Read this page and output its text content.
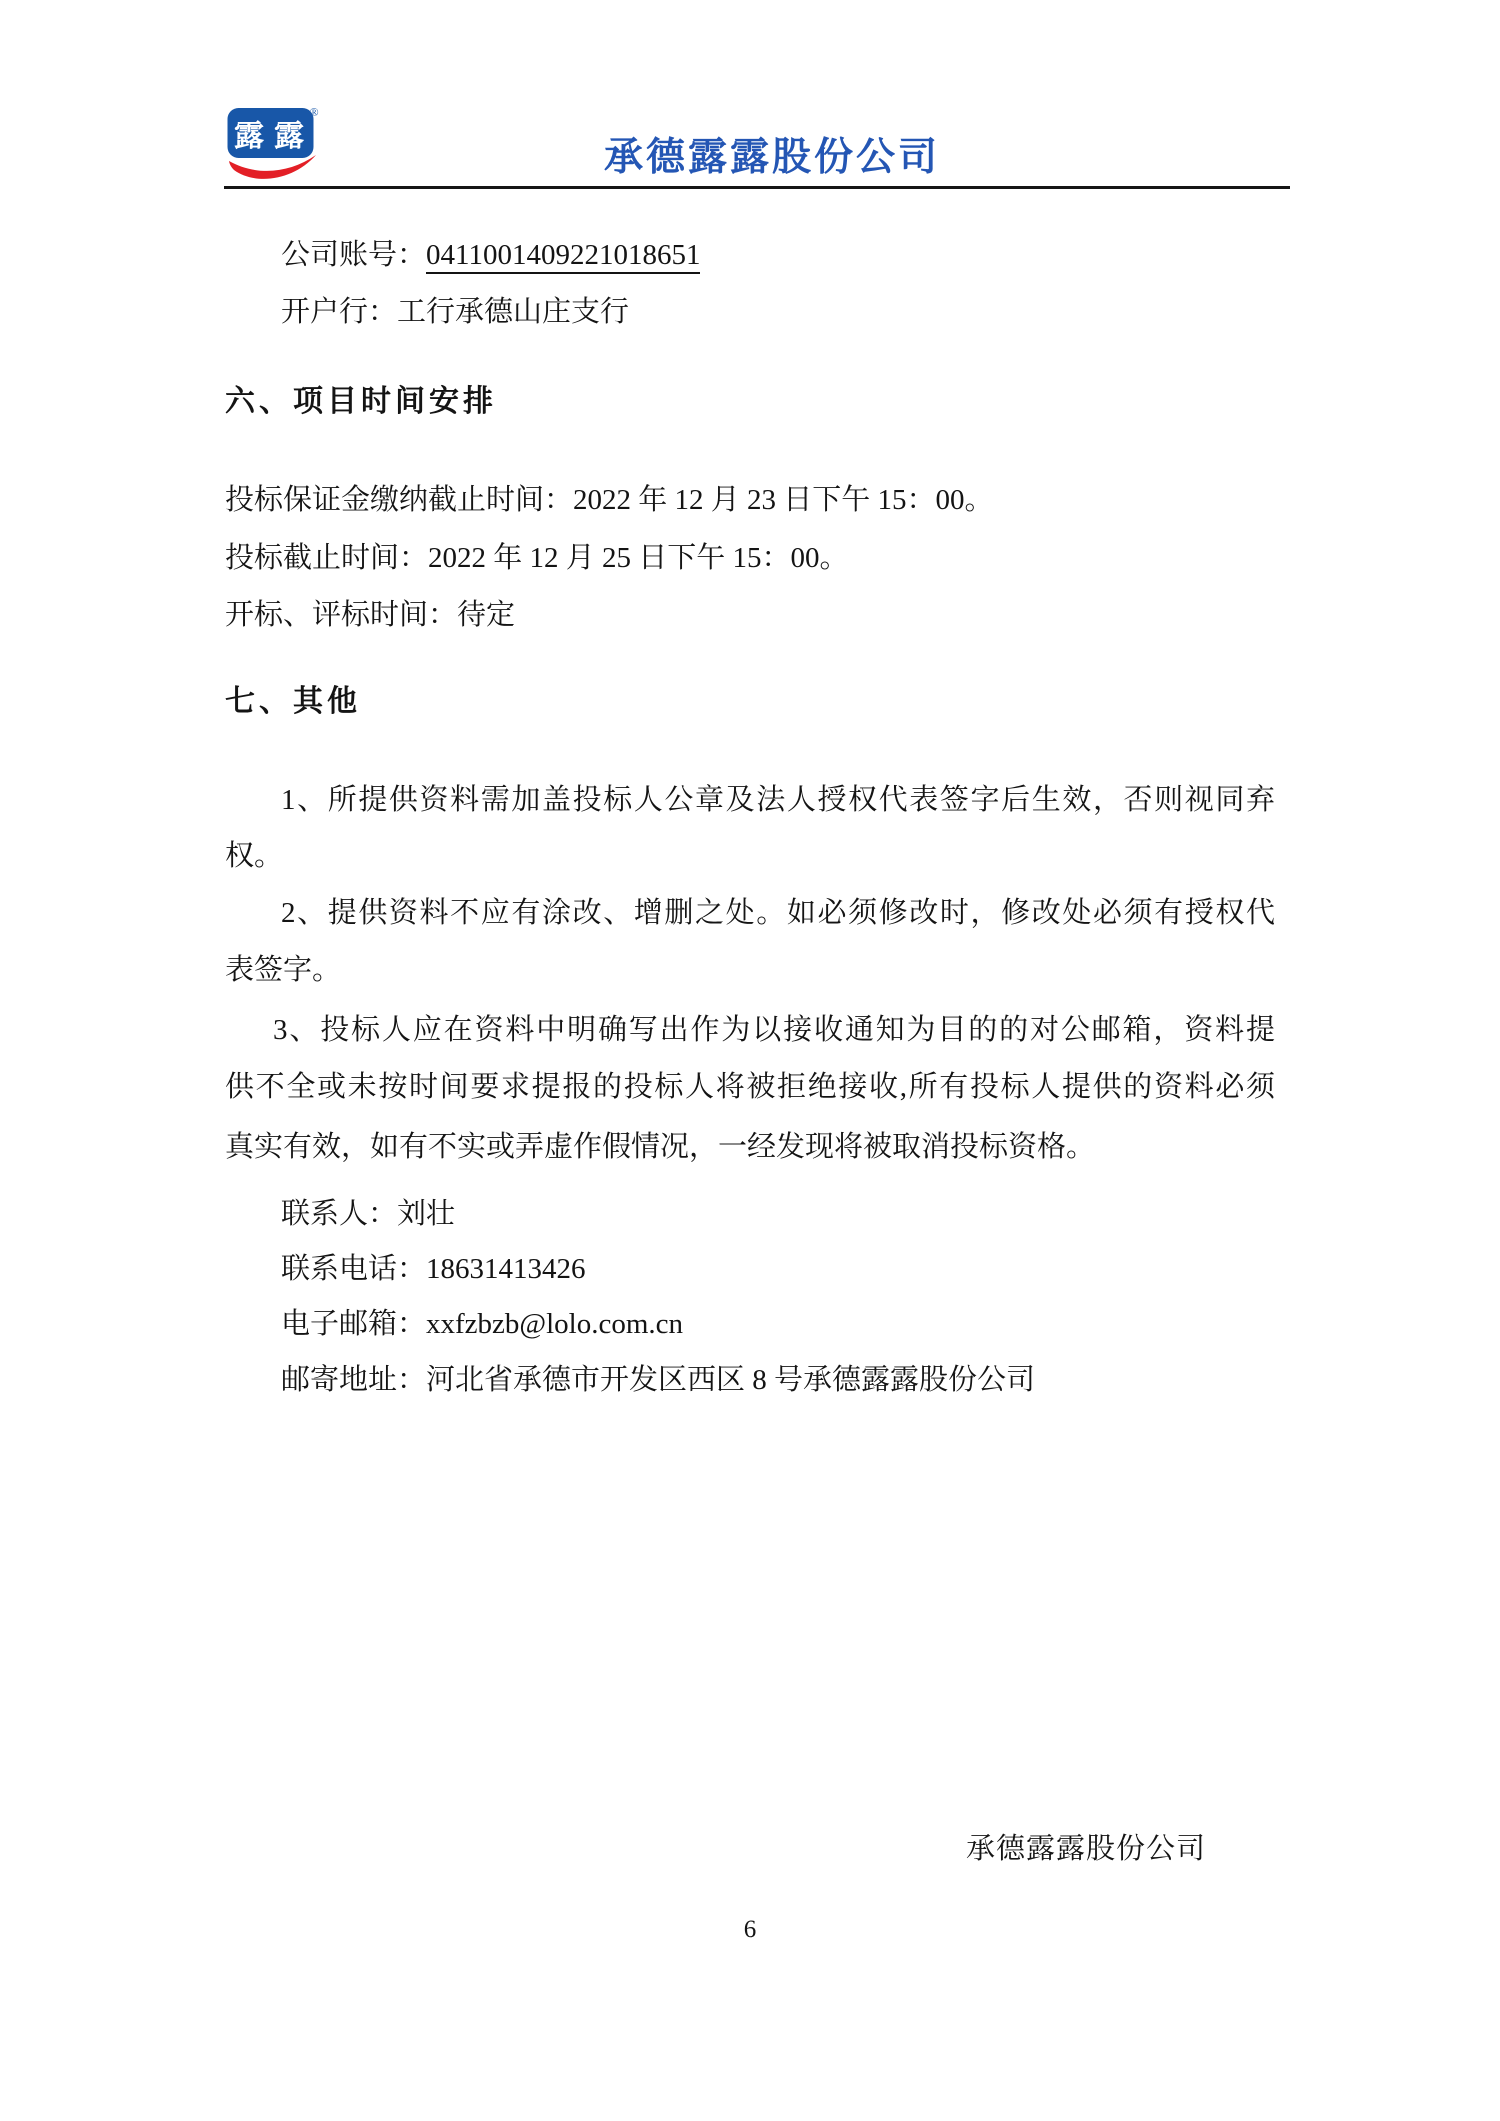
露 露
®
承德露露股份公司
公司账号：0411001409221018651
开户行：工行承德山庄支行
六、项目时间安排
投标保证金缴纳截止时间：2022 年 12 月 23 日下午 15：00。
投标截止时间：2022 年 12 月 25 日下午 15：00。
开标、评标时间：待定
七、其他
1、所提供资料需加盖投标人公章及法人授权代表签字后生效，否则视同弃
权。
2、提供资料不应有涂改、增删之处。如必须修改时，修改处必须有授权代
表签字。
3、投标人应在资料中明确写出作为以接收通知为目的的对公邮箱，资料提
供不全或未按时间要求提报的投标人将被拒绝接收,所有投标人提供的资料必须
真实有效，如有不实或弄虚作假情况，一经发现将被取消投标资格。
联系人：刘壮
联系电话：18631413426
电子邮箱：xxfzbzb@lolo.com.cn
邮寄地址：河北省承德市开发区西区 8 号承德露露股份公司
承德露露股份公司
6
